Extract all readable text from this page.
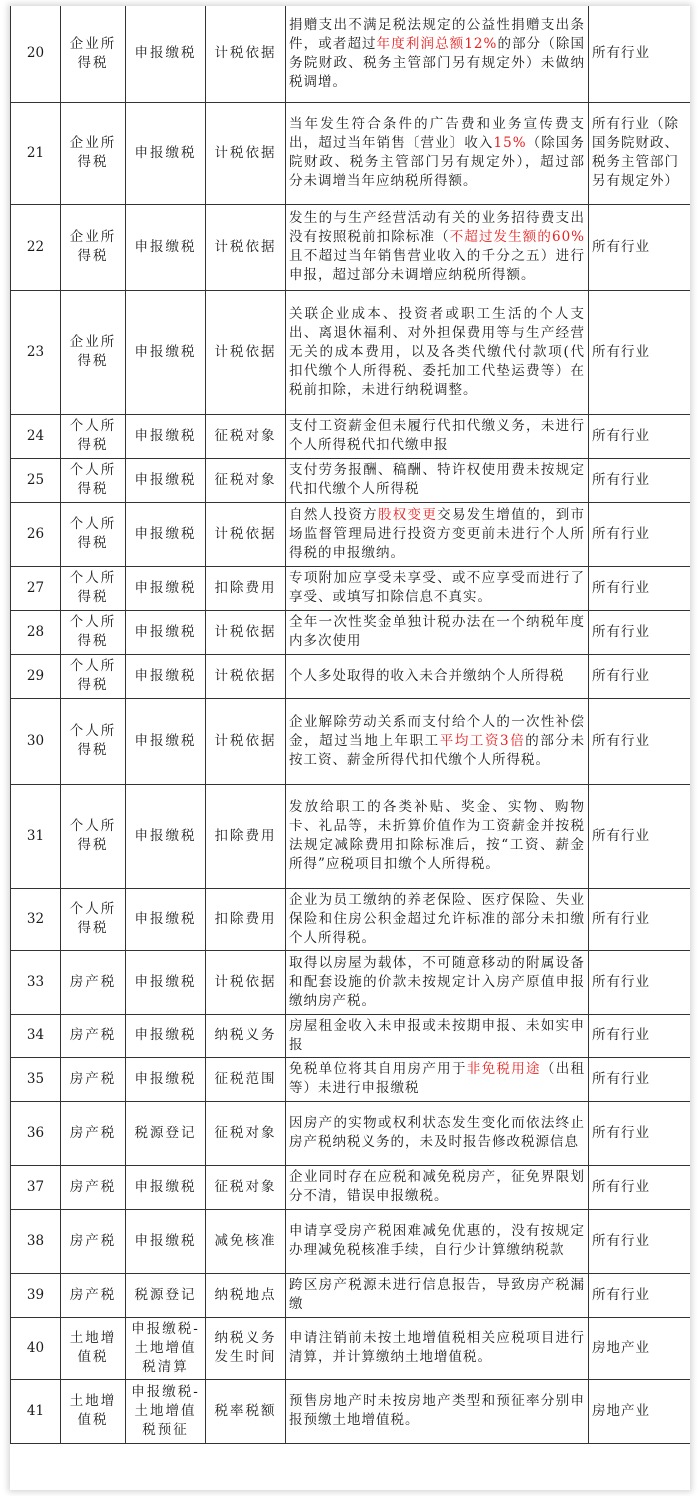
20	企业所得税	申报缴税	计税依据	捐赠支出不满足税法规定的公益性捐赠支出条件，或者超过年度利润总额12%的部分（除国务院财政、税务主管部门另有规定外）未做纳税调增。	所有行业
21	企业所得税	申报缴税	计税依据	当年发生符合条件的广告费和业务宣传费支出，超过当年销售〔营业〕收入15%（除国务院财政、税务主管部门另有规定外），超过部分未调增当年应纳税所得额。	所有行业（除国务院财政、税务主管部门另有规定外）
22	企业所得税	申报缴税	计税依据	发生的与生产经营活动有关的业务招待费支出没有按照税前扣除标准（不超过发生额的60%且不超过当年销售营业收入的千分之五）进行申报，超过部分未调增应纳税所得额。	所有行业
23	企业所得税	申报缴税	计税依据	关联企业成本、投资者或职工生活的个人支出、离退休福利、对外担保费用等与生产经营无关的成本费用，以及各类代缴代付款项(代扣代缴个人所得税、委托加工代垫运费等）在税前扣除，未进行纳税调整。	所有行业
24	个人所得税	申报缴税	征税对象	支付工资薪金但未履行代扣代缴义务，未进行个人所得税代扣代缴申报	所有行业
25	个人所得税	申报缴税	征税对象	支付劳务报酬、稿酬、特许权使用费未按规定代扣代缴个人所得税	所有行业
26	个人所得税	申报缴税	计税依据	自然人投资方股权变更交易发生增值的，到市场监督管理局进行投资方变更前未进行个人所得税的申报缴纳。	所有行业
27	个人所得税	申报缴税	扣除费用	专项附加应享受未享受、或不应享受而进行了享受、或填写扣除信息不真实。	所有行业
28	个人所得税	申报缴税	计税依据	全年一次性奖金单独计税办法在一个纳税年度内多次使用	所有行业
29	个人所得税	申报缴税	计税依据	个人多处取得的收入未合并缴纳个人所得税	所有行业
30	个人所得税	申报缴税	计税依据	企业解除劳动关系而支付给个人的一次性补偿金，超过当地上年职工平均工资3倍的部分未按工资、薪金所得代扣代缴个人所得税。	所有行业
31	个人所得税	申报缴税	扣除费用	发放给职工的各类补贴、奖金、实物、购物卡、礼品等，未折算价值作为工资薪金并按税法规定减除费用扣除标准后，按“工资、薪金所得”应税项目扣缴个人所得税。	所有行业
32	个人所得税	申报缴税	扣除费用	企业为员工缴纳的养老保险、医疗保险、失业保险和住房公积金超过允许标准的部分未扣缴个人所得税。	所有行业
33	房产税	申报缴税	计税依据	取得以房屋为载体，不可随意移动的附属设备和配套设施的价款未按规定计入房产原值申报缴纳房产税。	所有行业
34	房产税	申报缴税	纳税义务	房屋租金收入未申报或未按期申报、未如实申报	所有行业
35	房产税	申报缴税	征税范围	免税单位将其自用房产用于非免税用途（出租等）未进行申报缴税	所有行业
36	房产税	税源登记	征税对象	因房产的实物或权利状态发生变化而依法终止房产税纳税义务的，未及时报告修改税源信息	所有行业
37	房产税	申报缴税	征税对象	企业同时存在应税和减免税房产，征免界限划分不清，错误申报缴税。	所有行业
38	房产税	申报缴税	减免核准	申请享受房产税困难减免优惠的，没有按规定办理减免税核准手续，自行少计算缴纳税款	所有行业
39	房产税	税源登记	纳税地点	跨区房产税源未进行信息报告，导致房产税漏缴	所有行业
40	土地增值税	申报缴税-土地增值税清算	纳税义务发生时间	申请注销前未按土地增值税相关应税项目进行清算，并计算缴纳土地增值税。	房地产业
41	土地增值税	申报缴税-土地增值税预征	税率税额	预售房地产时未按房地产类型和预征率分别申报预缴土地增值税。	房地产业
